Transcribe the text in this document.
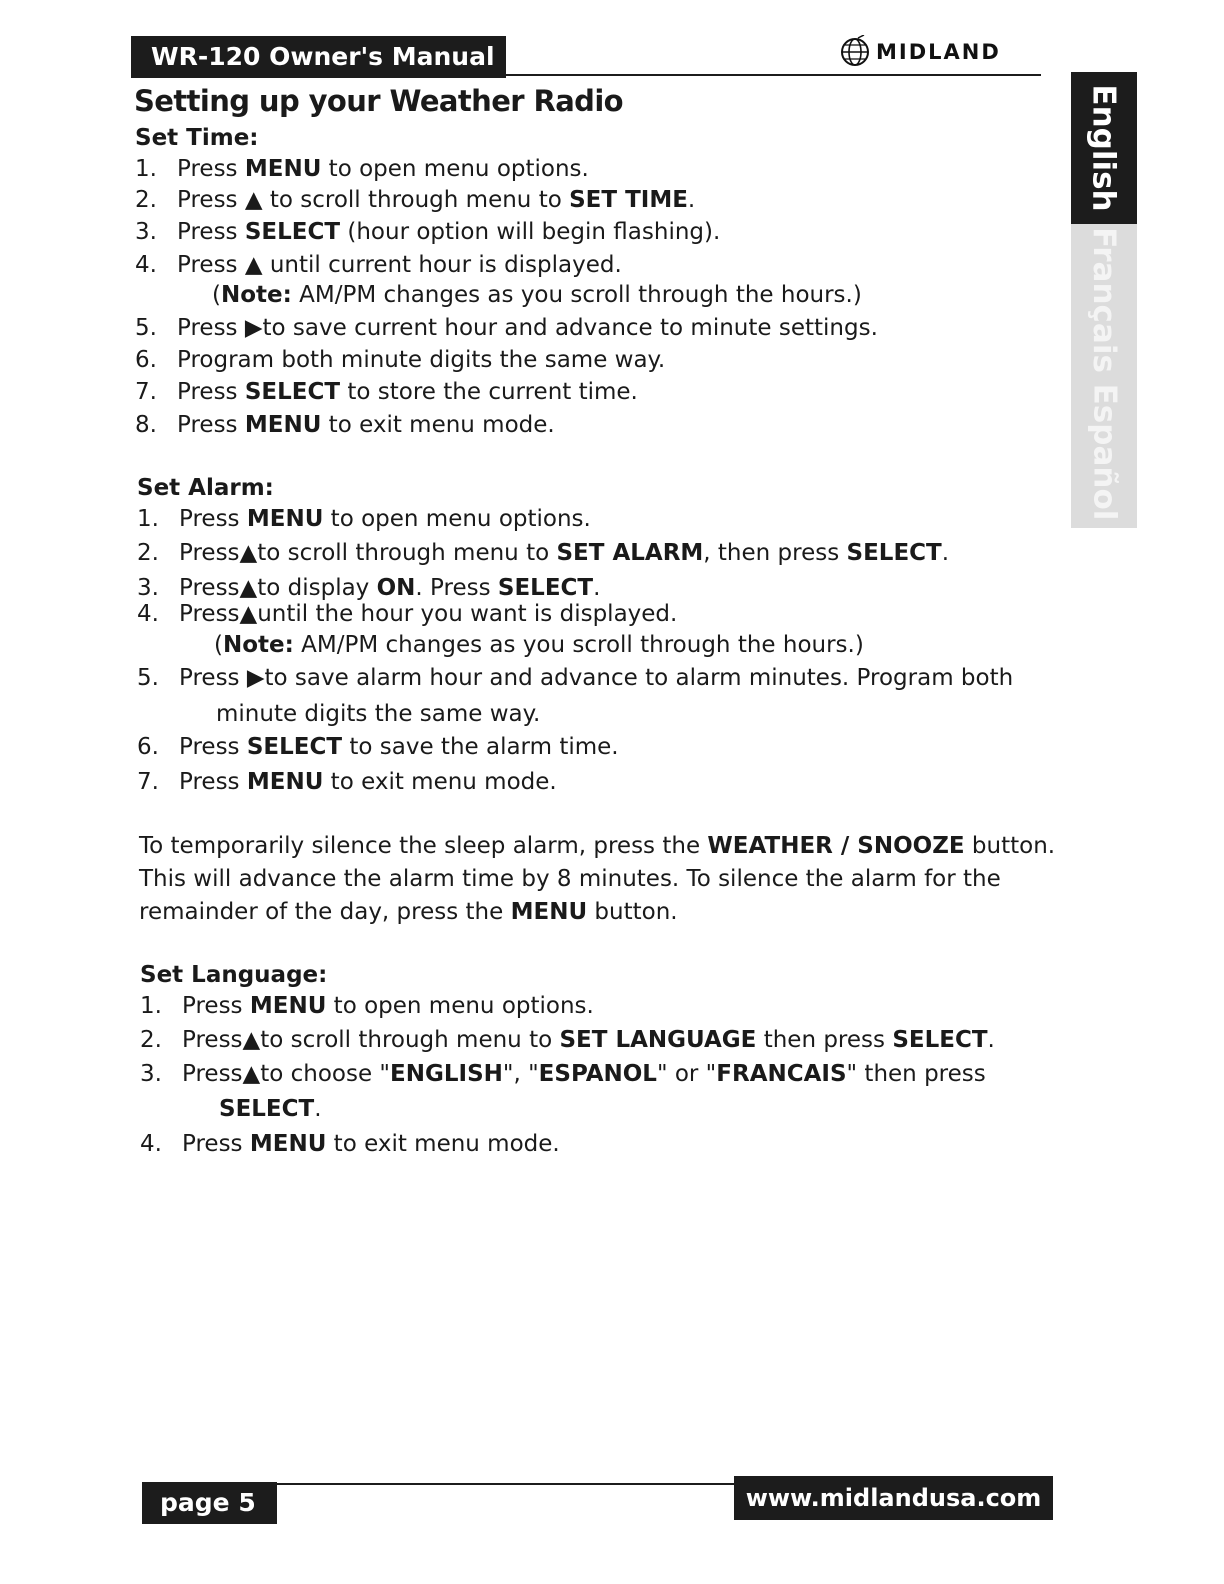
WR-120 Owner's Manual	MIDLAND
English
Français
Español
Setting up your Weather Radio
Set Time:
1. Press MENU to open menu options.
2. Press ▲ to scroll through menu to SET TIME.
3. Press SELECT (hour option will begin flashing).
4. Press ▲ until current hour is displayed.
(Note: AM/PM changes as you scroll through the hours.)
5. Press ▶to save current hour and advance to minute settings.
6. Program both minute digits the same way.
7. Press SELECT to store the current time.
8. Press MENU to exit menu mode.
Set Alarm:
1. Press MENU to open menu options.
2. Press▲to scroll through menu to SET ALARM, then press SELECT.
3. Press▲to display ON. Press SELECT.
4. Press▲until the hour you want is displayed.
(Note: AM/PM changes as you scroll through the hours.)
5. Press ▶to save alarm hour and advance to alarm minutes. Program both
minute digits the same way.
6. Press SELECT to save the alarm time.
7. Press MENU to exit menu mode.
To temporarily silence the sleep alarm, press the WEATHER / SNOOZE button. This will advance the alarm time by 8 minutes. To silence the alarm for the remainder of the day, press the MENU button.
Set Language:
1. Press MENU to open menu options.
2. Press▲to scroll through menu to SET LANGUAGE then press SELECT.
3. Press▲to choose "ENGLISH", "ESPANOL" or "FRANCAIS" then press
SELECT.
4. Press MENU to exit menu mode.
page 5	www.midlandusa.com
